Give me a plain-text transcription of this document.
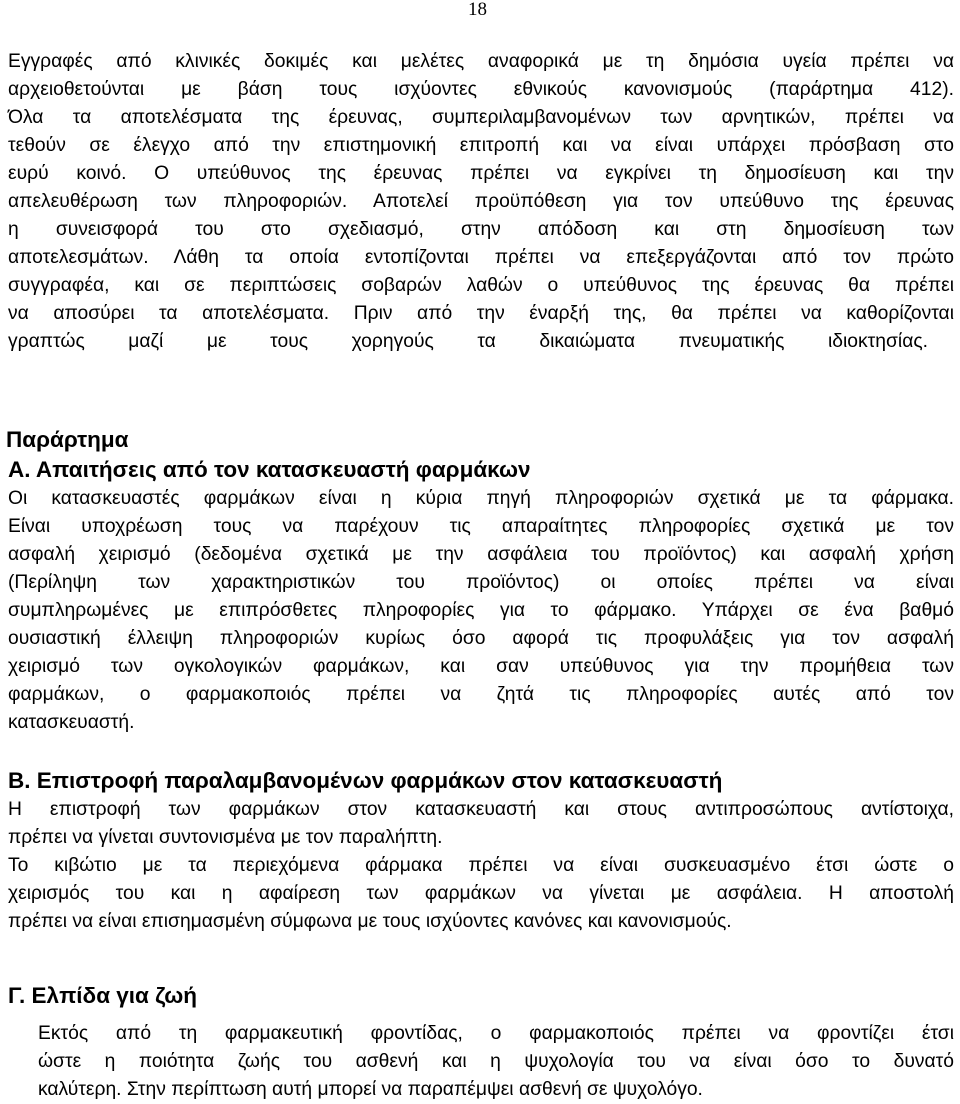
18

Εγγραφές από κλινικές δοκιμές και μελέτες αναφορικά με τη δημόσια υγεία πρέπει να

αρχειοθετούνται με βάση τους ισχύοντες εθνικούς κανονισμούς (παράρτημα 412).

Όλα τα αποτελέσματα της έρευνας, συμπεριλαμβανομένων των αρνητικών, πρέπει να

τεθούν σε έλεγχο από την επιστημονική επιτροπή και να είναι υπάρχει πρόσβαση στο

ευρύ κοινό. Ο υπεύθυνος της έρευνας πρέπει να εγκρίνει τη δημοσίευση και την

απελευθέρωση των πληροφοριών. Αποτελεί προϋπόθεση για τον υπεύθυνο της έρευνας

η συνεισφορά του στο σχεδιασμό, στην απόδοση και στη δημοσίευση των

αποτελεσμάτων. Λάθη τα οποία εντοπίζονται πρέπει να επεξεργάζονται από τον πρώτο

συγγραφέα, και σε περιπτώσεις σοβαρών λαθών ο υπεύθυνος της έρευνας θα πρέπει

να αποσύρει τα αποτελέσματα. Πριν από την έναρξή της, θα πρέπει να καθορίζονται

γραπτώς μαζί με τους χορηγούς τα δικαιώματα πνευματικής ιδιοκτησίας.

Παράρτημα
Α. Απαιτήσεις από τον κατασκευαστή φαρμάκων

Οι κατασκευαστές φαρμάκων είναι η κύρια πηγή πληροφοριών σχετικά με τα φάρμακα.

Είναι υποχρέωση τους να παρέχουν τις απαραίτητες πληροφορίες σχετικά με τον

ασφαλή χειρισμό (δεδομένα σχετικά με την ασφάλεια του προϊόντος) και ασφαλή χρήση

(Περίληψη των χαρακτηριστικών του προϊόντος) οι οποίες πρέπει να είναι

συμπληρωμένες με επιπρόσθετες πληροφορίες για το φάρμακο. Υπάρχει σε ένα βαθμό

ουσιαστική έλλειψη πληροφοριών κυρίως όσο αφορά τις προφυλάξεις για τον ασφαλή

χειρισμό των ογκολογικών φαρμάκων, και σαν υπεύθυνος για την προμήθεια των

φαρμάκων, ο φαρμακοποιός πρέπει να ζητά τις πληροφορίες αυτές από τον

κατασκευαστή.

Β. Επιστροφή παραλαμβανομένων φαρμάκων στον κατασκευαστή

Η επιστροφή των φαρμάκων στον κατασκευαστή και στους αντιπροσώπους αντίστοιχα,

πρέπει να γίνεται συντονισμένα με τον παραλήπτη.

Το κιβώτιο με τα περιεχόμενα φάρμακα πρέπει να είναι συσκευασμένο έτσι ώστε ο

χειρισμός του και η αφαίρεση των φαρμάκων να γίνεται με ασφάλεια. Η αποστολή

πρέπει να είναι επισημασμένη σύμφωνα με τους ισχύοντες κανόνες και κανονισμούς.

Γ. Ελπίδα για ζωή

Εκτός από τη φαρμακευτική φροντίδας, ο φαρμακοποιός πρέπει να φροντίζει έτσι

ώστε η ποιότητα ζωής του ασθενή και η ψυχολογία του να είναι όσο το δυνατό

καλύτερη. Στην περίπτωση αυτή μπορεί να παραπέμψει ασθενή σε ψυχολόγο.
